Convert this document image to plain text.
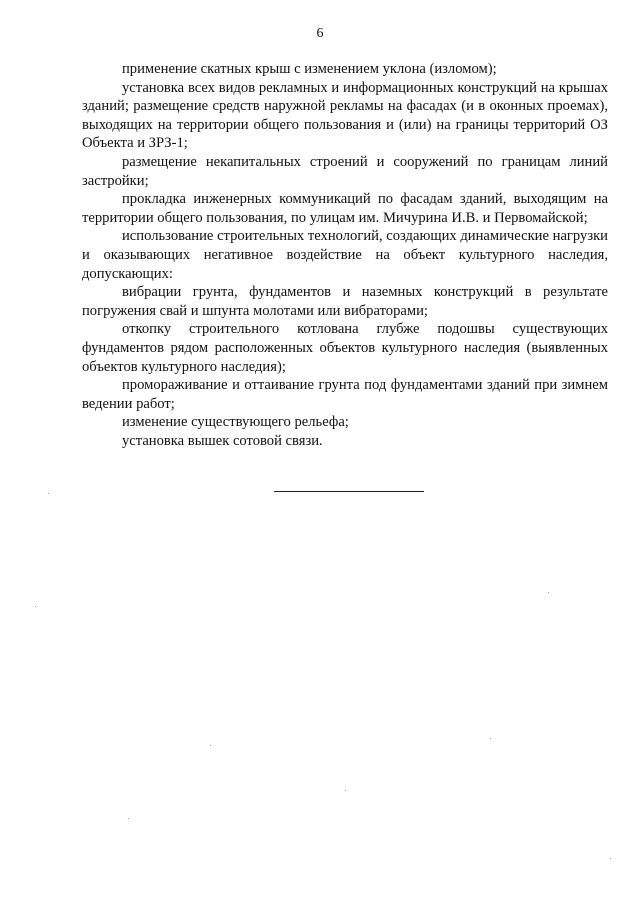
6

применение скатных крыш с изменением уклона (изломом);

установка всех видов рекламных и информационных конструкций на крышах зданий; размещение средств наружной рекламы на фасадах (и в оконных проемах), выходящих на территории общего пользования и (или) на границы территорий ОЗ Объекта и ЗРЗ-1;

размещение некапитальных строений и сооружений по границам линий застройки;

прокладка инженерных коммуникаций по фасадам зданий, выходящим на территории общего пользования, по улицам им. Мичурина И.В. и Первомайской;

использование строительных технологий, создающих динамические нагрузки и оказывающих негативное воздействие на объект культурного наследия, допускающих:

вибрации грунта, фундаментов и наземных конструкций в результате погружения свай и шпунта молотами или вибраторами;

откопку строительного котлована глубже подошвы существующих фундаментов рядом расположенных объектов культурного наследия (выявленных объектов культурного наследия);

промораживание и оттаивание грунта под фундаментами зданий при зимнем ведении работ;

изменение существующего рельефа;

установка вышек сотовой связи.
